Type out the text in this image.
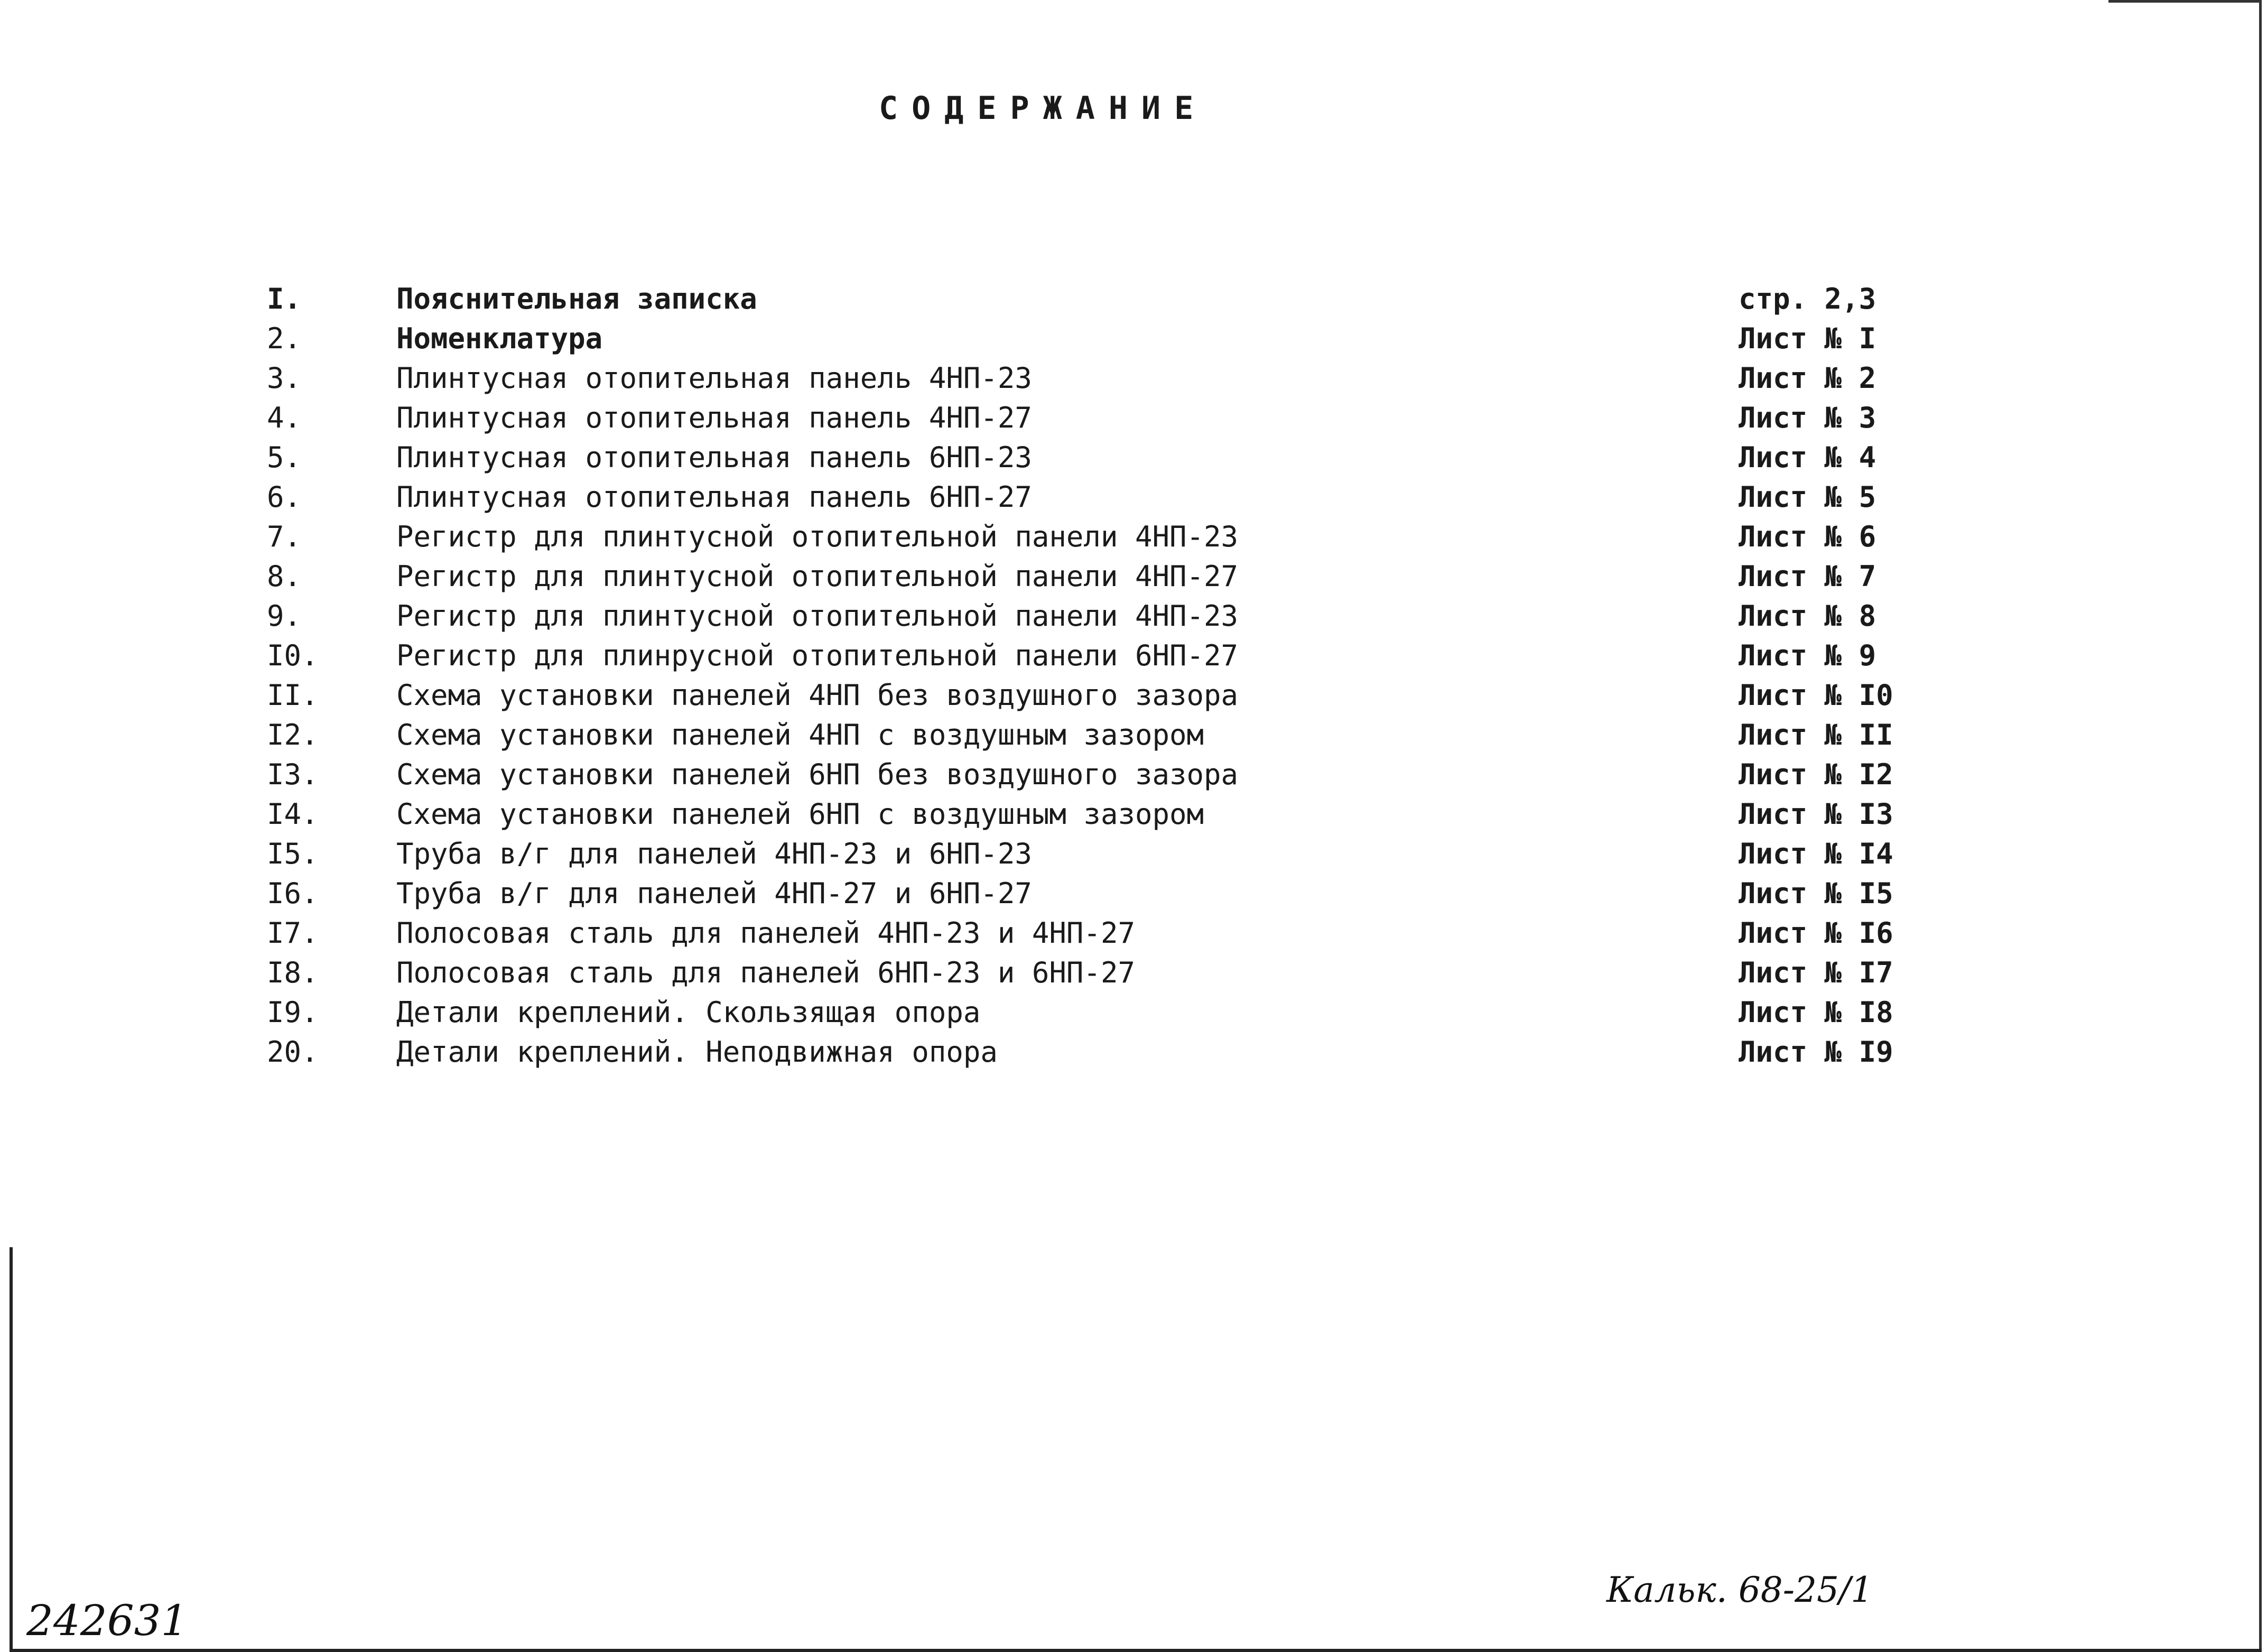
СОДЕРЖАНИЕ
I.	Пояснительная записка	стр. 2,3
2.	Номенклатура	Лист № I
3.	Плинтусная отопительная панель 4НП-23	Лист № 2
4.	Плинтусная отопительная панель 4НП-27	Лист № 3
5.	Плинтусная отопительная панель 6НП-23	Лист № 4
6.	Плинтусная отопительная панель 6НП-27	Лист № 5
7.	Регистр для плинтусной отопительной панели 4НП-23	Лист № 6
8.	Регистр для плинтусной отопительной панели 4НП-27	Лист № 7
9.	Регистр для плинтусной отопительной панели 4НП-23	Лист № 8
I0.	Регистр для плинрусной отопительной панели 6НП-27	Лист № 9
II.	Схема установки панелей 4НП без воздушного зазора	Лист № I0
I2.	Схема установки панелей 4НП с воздушным зазором	Лист № II
I3.	Схема установки панелей 6НП без воздушного зазора	Лист № I2
I4.	Схема установки панелей 6НП с воздушным зазором	Лист № I3
I5.	Труба в/г для панелей 4НП-23 и 6НП-23	Лист № I4
I6.	Труба в/г для панелей 4НП-27 и 6НП-27	Лист № I5
I7.	Полосовая сталь для панелей 4НП-23 и 4НП-27	Лист № I6
I8.	Полосовая сталь для панелей 6НП-23 и 6НП-27	Лист № I7
I9.	Детали креплений. Скользящая опора	Лист № I8
20.	Детали креплений. Неподвижная опора	Лист № I9
242631
Кальк. 68-25/1
